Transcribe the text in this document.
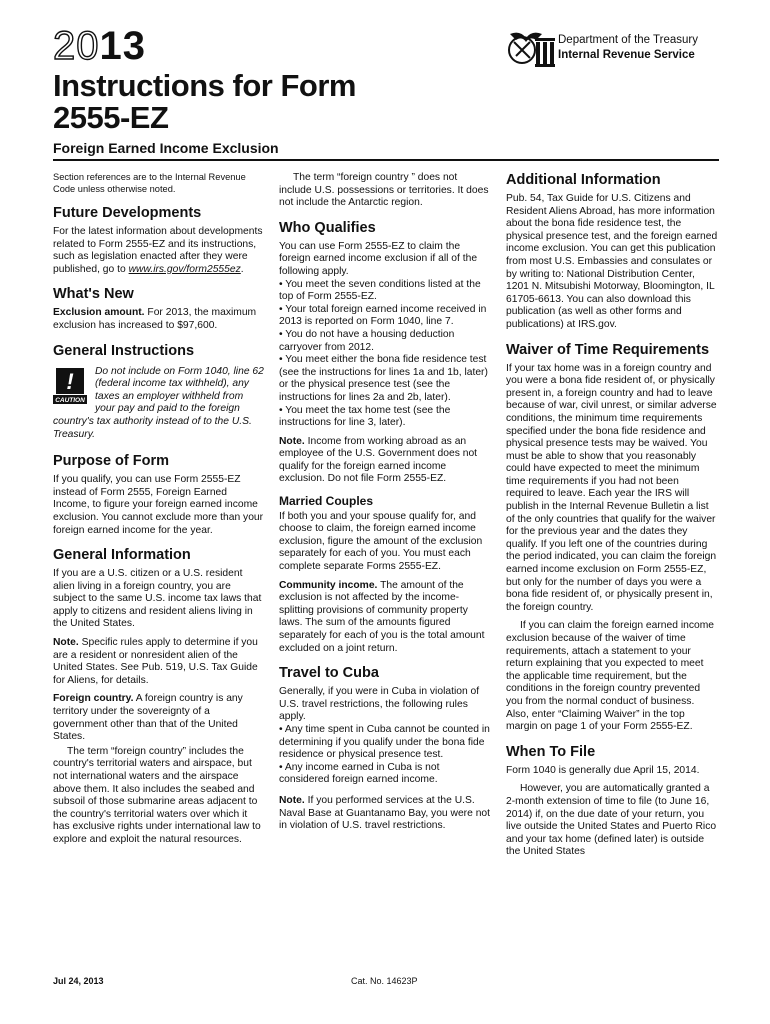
2013
Instructions for Form
2555-EZ
Foreign Earned Income Exclusion
Department of the Treasury
Internal Revenue Service

Section references are to the Internal Revenue Code unless otherwise noted.

Future Developments

For the latest information about developments related to Form 2555-EZ and its instructions, such as legislation enacted after they were published, go to www.irs.gov/form2555ez.

What's New

Exclusion amount. For 2013, the maximum exclusion has increased to $97,600.

General Instructions
!
CAUTION

Do not include on Form 1040, line 62 (federal income tax withheld), any taxes an employer withheld from your pay and paid to the foreign country's tax authority instead of to the U.S. Treasury.

Purpose of Form

If you qualify, you can use Form 2555-EZ instead of Form 2555, Foreign Earned Income, to figure your foreign earned income exclusion. You cannot exclude more than your foreign earned income for the year.

General Information

If you are a U.S. citizen or a U.S. resident alien living in a foreign country, you are subject to the same U.S. income tax laws that apply to citizens and resident aliens living in the United States.

Note. Specific rules apply to determine if you are a resident or nonresident alien of the United States. See Pub. 519, U.S. Tax Guide for Aliens, for details.

Foreign country. A foreign country is any territory under the sovereignty of a government other than that of the United States.

The term “foreign country” includes the country's territorial waters and airspace, but not international waters and the airspace above them. It also includes the seabed and subsoil of those submarine areas adjacent to the country's territorial waters over which it has exclusive rights under international law to explore and exploit the natural resources.

The term “foreign country ” does not include U.S. possessions or territories. It does not include the Antarctic region.

Who Qualifies

You can use Form 2555-EZ to claim the foreign earned income exclusion if all of the following apply.

• You meet the seven conditions listed at the top of Form 2555-EZ.

• Your total foreign earned income received in 2013 is reported on Form 1040, line 7.

• You do not have a housing deduction carryover from 2012.

• You meet either the bona fide residence test (see the instructions for lines 1a and 1b, later) or the physical presence test (see the instructions for lines 2a and 2b, later).

• You meet the tax home test (see the instructions for line 3, later).

Note. Income from working abroad as an employee of the U.S. Government does not qualify for the foreign earned income exclusion. Do not file Form 2555-EZ.

Married Couples

If both you and your spouse qualify for, and choose to claim, the foreign earned income exclusion, figure the amount of the exclusion separately for each of you. You must each complete separate Forms 2555-EZ.

Community income. The amount of the exclusion is not affected by the income-splitting provisions of community property laws. The sum of the amounts figured separately for each of you is the total amount excluded on a joint return.

Travel to Cuba

Generally, if you were in Cuba in violation of U.S. travel restrictions, the following rules apply.

• Any time spent in Cuba cannot be counted in determining if you qualify under the bona fide residence or physical presence test.

• Any income earned in Cuba is not considered foreign earned income.

Note. If you performed services at the U.S. Naval Base at Guantanamo Bay, you were not in violation of U.S. travel restrictions.

Additional Information

Pub. 54, Tax Guide for U.S. Citizens and Resident Aliens Abroad, has more information about the bona fide residence test, the physical presence test, and the foreign earned income exclusion. You can get this publication from most U.S. Embassies and consulates or by writing to: National Distribution Center, 1201 N. Mitsubishi Motorway, Bloomington, IL 61705-6613. You can also download this publication (as well as other forms and publications) at IRS.gov.

Waiver of Time Requirements

If your tax home was in a foreign country and you were a bona fide resident of, or physically present in, a foreign country and had to leave because of war, civil unrest, or similar adverse conditions, the minimum time requirements specified under the bona fide residence and physical presence tests may be waived. You must be able to show that you reasonably could have expected to meet the minimum time requirements if you had not been required to leave. Each year the IRS will publish in the Internal Revenue Bulletin a list of the only countries that qualify for the waiver for the previous year and the dates they qualify. If you left one of the countries during the period indicated, you can claim the foreign earned income exclusion on Form 2555-EZ, but only for the number of days you were a bona fide resident of, or physically present in, the foreign country.

If you can claim the foreign earned income exclusion because of the waiver of time requirements, attach a statement to your return explaining that you expected to meet the applicable time requirement, but the conditions in the foreign country prevented you from the normal conduct of business. Also, enter “Claiming Waiver” in the top margin on page 1 of your Form 2555-EZ.

When To File

Form 1040 is generally due April 15, 2014.

However, you are automatically granted a 2-month extension of time to file (to June 16, 2014) if, on the due date of your return, you live outside the United States and Puerto Rico and your tax home (defined later) is outside the United States

Jul 24, 2013	Cat. No. 14623P
